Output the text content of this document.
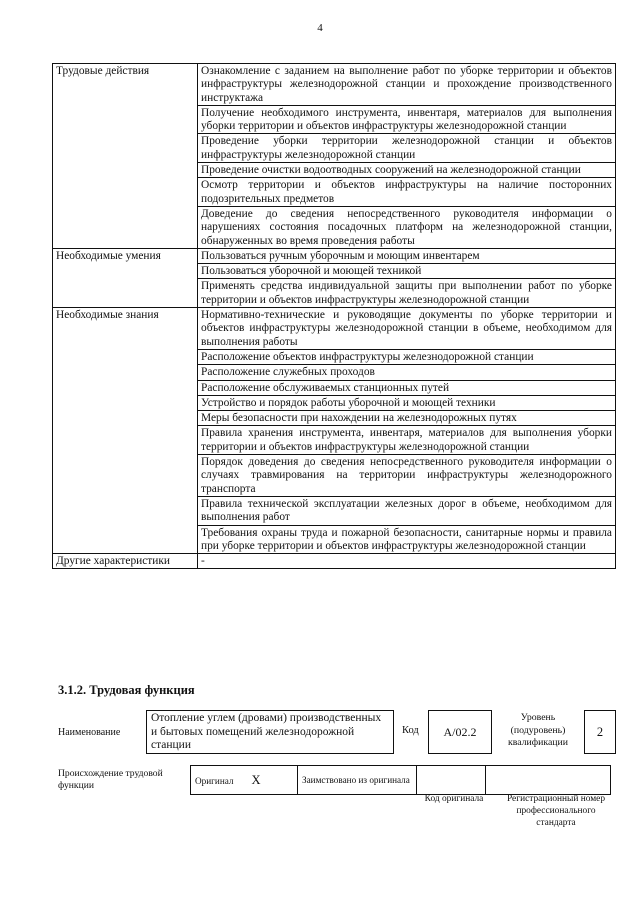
4
Трудовые действия	Ознакомление с заданием на выполнение работ по уборке территории и объектов инфраструктуры железнодорожной станции и прохождение производственного инструктажа
	Получение необходимого инструмента, инвентаря, материалов для выполнения уборки территории и объектов инфраструктуры железнодорожной станции
	Проведение уборки территории железнодорожной станции и объектов инфраструктуры железнодорожной станции
	Проведение очистки водоотводных сооружений на железнодорожной станции
	Осмотр территории и объектов инфраструктуры на наличие посторонних подозрительных предметов
	Доведение до сведения непосредственного руководителя информации о нарушениях состояния посадочных платформ на железнодорожной станции, обнаруженных во время проведения работы
Необходимые умения	Пользоваться ручным уборочным и моющим инвентарем
	Пользоваться уборочной и моющей техникой
	Применять средства индивидуальной защиты при выполнении работ по уборке территории и объектов инфраструктуры железнодорожной станции
Необходимые знания	Нормативно-технические и руководящие документы по уборке территории и объектов инфраструктуры железнодорожной станции в объеме, необходимом для выполнения работы
	Расположение объектов инфраструктуры железнодорожной станции
	Расположение служебных проходов
	Расположение обслуживаемых станционных путей
	Устройство и порядок работы уборочной и моющей техники
	Меры безопасности при нахождении на железнодорожных путях
	Правила хранения инструмента, инвентаря, материалов для выполнения уборки территории и объектов инфраструктуры железнодорожной станции
	Порядок доведения до сведения непосредственного руководителя информации о случаях травмирования на территории инфраструктуры железнодорожного транспорта
	Правила технической эксплуатации железных дорог в объеме, необходимом для выполнения работ
	Требования охраны труда и пожарной безопасности, санитарные нормы и правила при уборке территории и объектов инфраструктуры железнодорожной станции
Другие характеристики	-
3.1.2. Трудовая функция
Наименование
Отопление углем (дровами) производственных и бытовых помещений железнодорожной станции
Код A/02.2
Уровень (подуровень) квалификации
2
Происхождение трудовой функции	Оригинал X	Заимствовано из оригинала		
Код оригинала	Регистрационный номер профессионального стандарта
